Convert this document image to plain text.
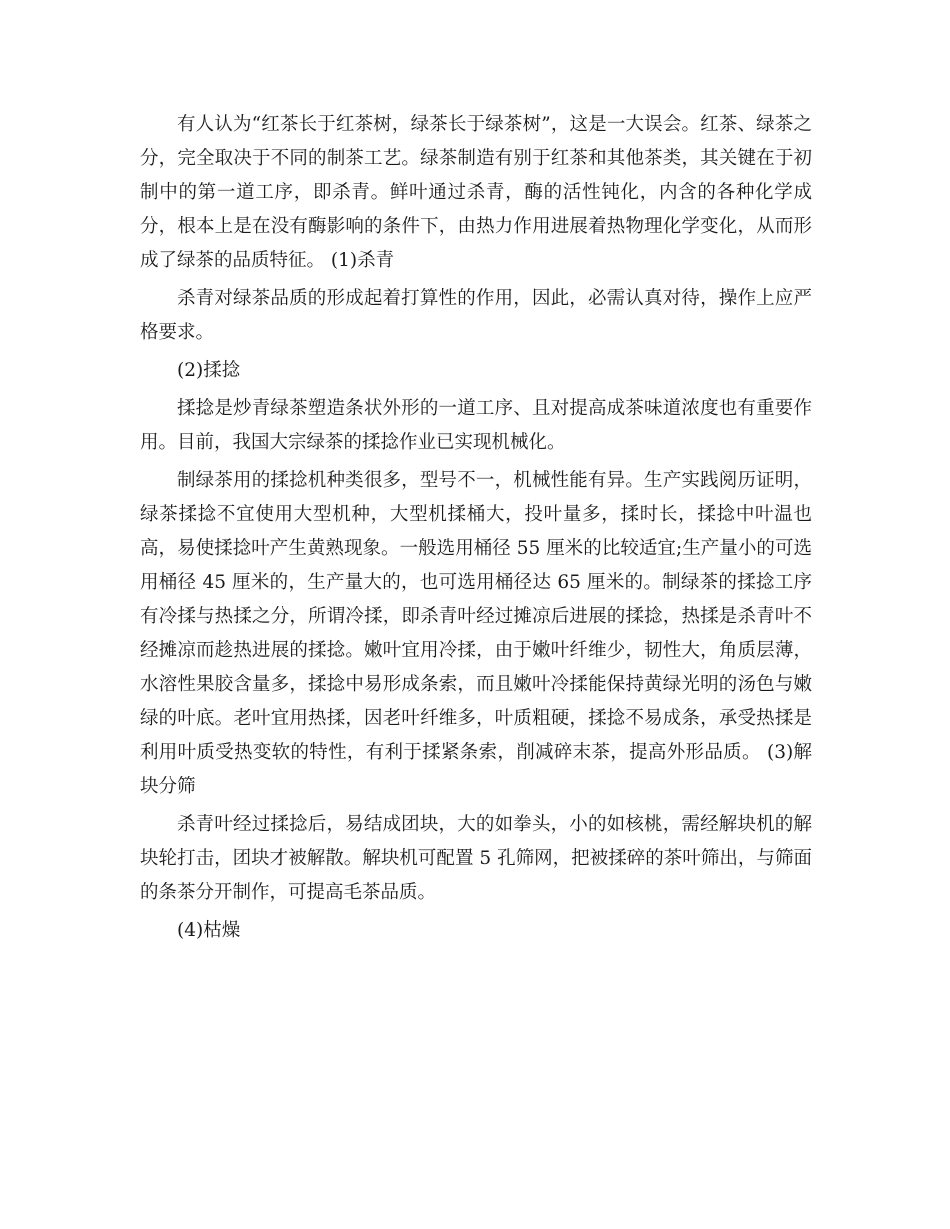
有人认为“红茶长于红茶树，绿茶长于绿茶树”，这是一大误会。红茶、绿茶之分，完全取决于不同的制茶工艺。绿茶制造有别于红茶和其他茶类，其关键在于初制中的第一道工序，即杀青。鲜叶通过杀青，酶的活性钝化，内含的各种化学成分，根本上是在没有酶影响的条件下，由热力作用进展着热物理化学变化，从而形成了绿茶的品质特征。 (1)杀青

杀青对绿茶品质的形成起着打算性的作用，因此，必需认真对待，操作上应严格要求。

(2)揉捻

揉捻是炒青绿茶塑造条状外形的一道工序、且对提高成茶味道浓度也有重要作用。目前，我国大宗绿茶的揉捻作业已实现机械化。

制绿茶用的揉捻机种类很多，型号不一，机械性能有异。生产实践阅历证明，绿茶揉捻不宜使用大型机种，大型机揉桶大，投叶量多，揉时长，揉捻中叶温也高，易使揉捻叶产生黄熟现象。一般选用桶径 55 厘米的比较适宜;生产量小的可选用桶径 45 厘米的，生产量大的，也可选用桶径达 65 厘米的。制绿茶的揉捻工序有冷揉与热揉之分，所谓冷揉，即杀青叶经过摊凉后进展的揉捻，热揉是杀青叶不经摊凉而趁热进展的揉捻。嫩叶宜用冷揉，由于嫩叶纤维少，韧性大，角质层薄，水溶性果胶含量多，揉捻中易形成条索，而且嫩叶冷揉能保持黄绿光明的汤色与嫩绿的叶底。老叶宜用热揉，因老叶纤维多，叶质粗硬，揉捻不易成条，承受热揉是利用叶质受热变软的特性，有利于揉紧条索，削减碎末茶，提高外形品质。 (3)解块分筛

杀青叶经过揉捻后，易结成团块，大的如拳头，小的如核桃，需经解块机的解块轮打击，团块才被解散。解块机可配置 5 孔筛网，把被揉碎的茶叶筛出，与筛面的条茶分开制作，可提高毛茶品质。

(4)枯燥
